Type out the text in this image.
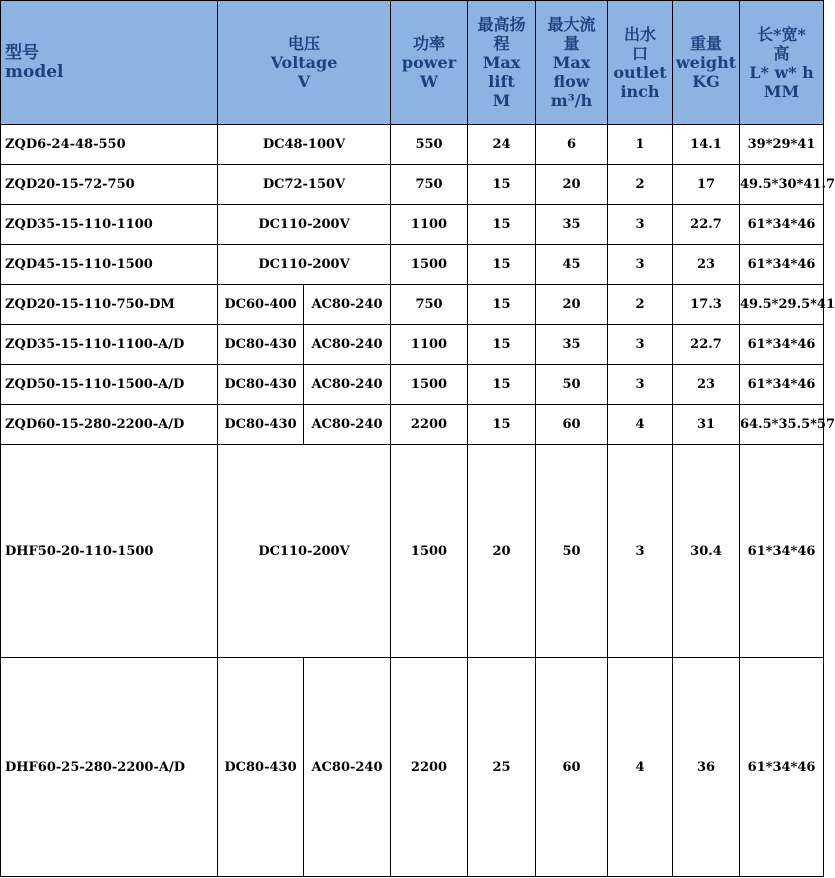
型号
model	电压
Voltage
V		功率
power
W	最高扬
程
Max
lift
M	最大流
量
Max
flow
m³/h	出水
口
outlet
inch	重量
weight
KG	长*宽*
高
L* w* h
MM

ZQD6-24-48-550	DC48-100V		550	24	6	1	14.1	39*29*41
ZQD20-15-72-750	DC72-150V		750	15	20	2	17	49.5*30*41.7
ZQD35-15-110-1100	DC110-200V		1100	15	35	3	22.7	61*34*46
ZQD45-15-110-1500	DC110-200V		1500	15	45	3	23	61*34*46
ZQD20-15-110-750-DM	DC60-400	AC80-240	750	15	20	2	17.3	49.5*29.5*41
ZQD35-15-110-1100-A/D	DC80-430	AC80-240	1100	15	35	3	22.7	61*34*46
ZQD50-15-110-1500-A/D	DC80-430	AC80-240	1500	15	50	3	23	61*34*46
ZQD60-15-280-2200-A/D	DC80-430	AC80-240	2200	15	60	4	31	64.5*35.5*57
DHF50-20-110-1500	DC110-200V		1500	20	50	3	30.4	61*34*46
DHF60-25-280-2200-A/D	DC80-430	AC80-240	2200	25	60	4	36	61*34*46
